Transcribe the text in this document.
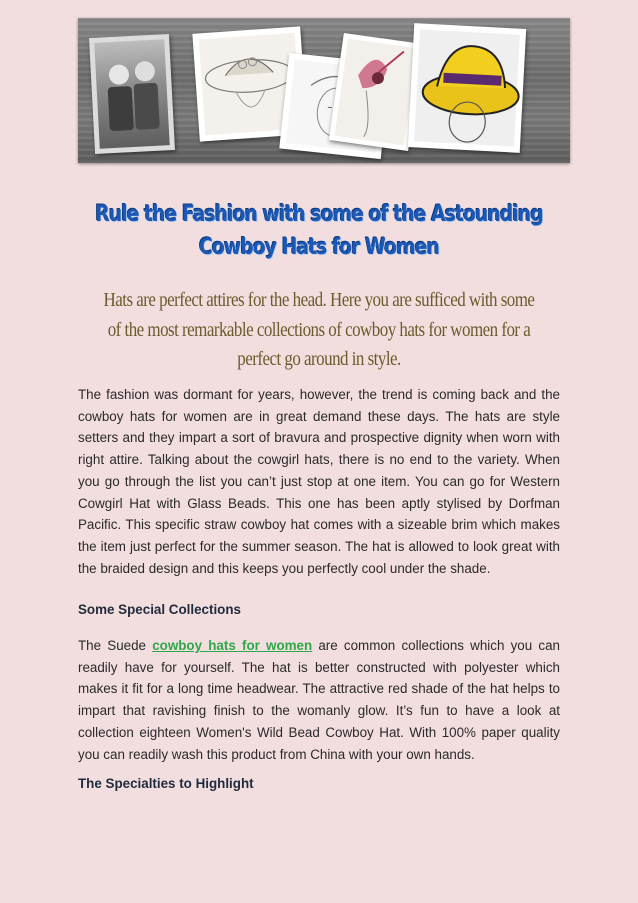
Rule the Fashion with some of the Astounding Cowboy Hats for Women

Hats are perfect attires for the head. Here you are sufficed with some of the most remarkable collections of cowboy hats for women for a perfect go around in style.

The fashion was dormant for years, however, the trend is coming back and the cowboy hats for women are in great demand these days. The hats are style setters and they impart a sort of bravura and prospective dignity when worn with right attire. Talking about the cowgirl hats, there is no end to the variety. When you go through the list you can’t just stop at one item. You can go for Western Cowgirl Hat with Glass Beads. This one has been aptly stylised by Dorfman Pacific. This specific straw cowboy hat comes with a sizeable brim which makes the item just perfect for the summer season. The hat is allowed to look great with the braided design and this keeps you perfectly cool under the shade.

Some Special Collections

The Suede cowboy hats for women are common collections which you can readily have for yourself. The hat is better constructed with polyester which makes it fit for a long time headwear. The attractive red shade of the hat helps to impart that ravishing finish to the womanly glow. It’s fun to have a look at collection eighteen Women's Wild Bead Cowboy Hat. With 100% paper quality you can readily wash this product from China with your own hands.

The Specialties to Highlight
